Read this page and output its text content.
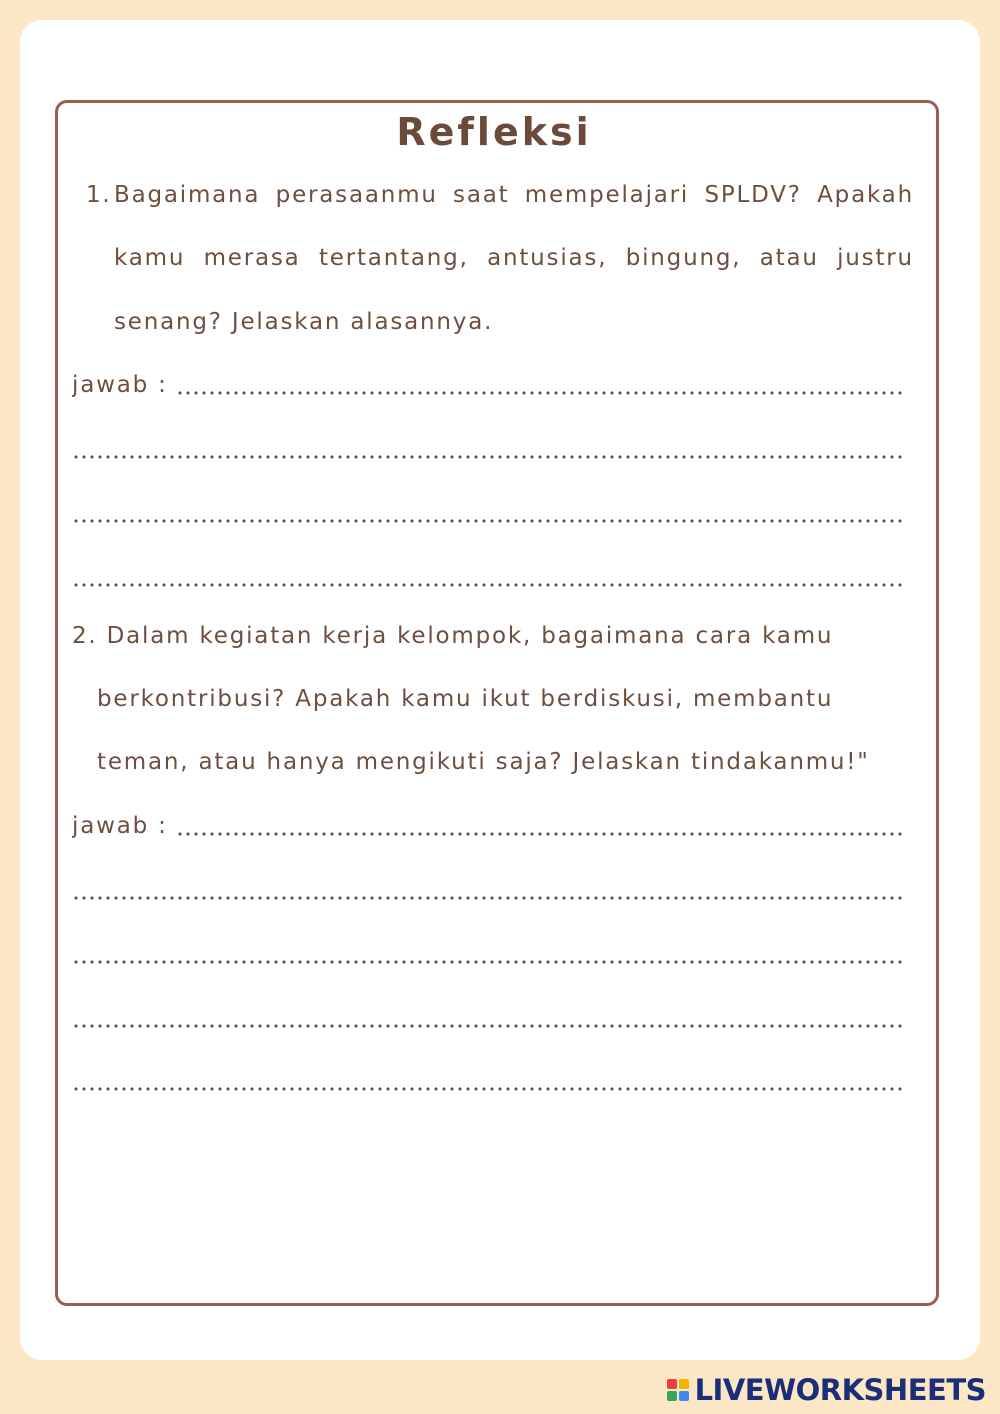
Refleksi
1. Bagaimana perasaanmu saat mempelajari SPLDV? Apakah
kamu merasa tertantang, antusias, bingung, atau justru
senang? Jelaskan alasannya.
jawab :
2. Dalam kegiatan kerja kelompok, bagaimana cara kamu
berkontribusi? Apakah kamu ikut berdiskusi, membantu
teman, atau hanya mengikuti saja? Jelaskan tindakanmu!"
jawab :
LIVEWORKSHEETS
